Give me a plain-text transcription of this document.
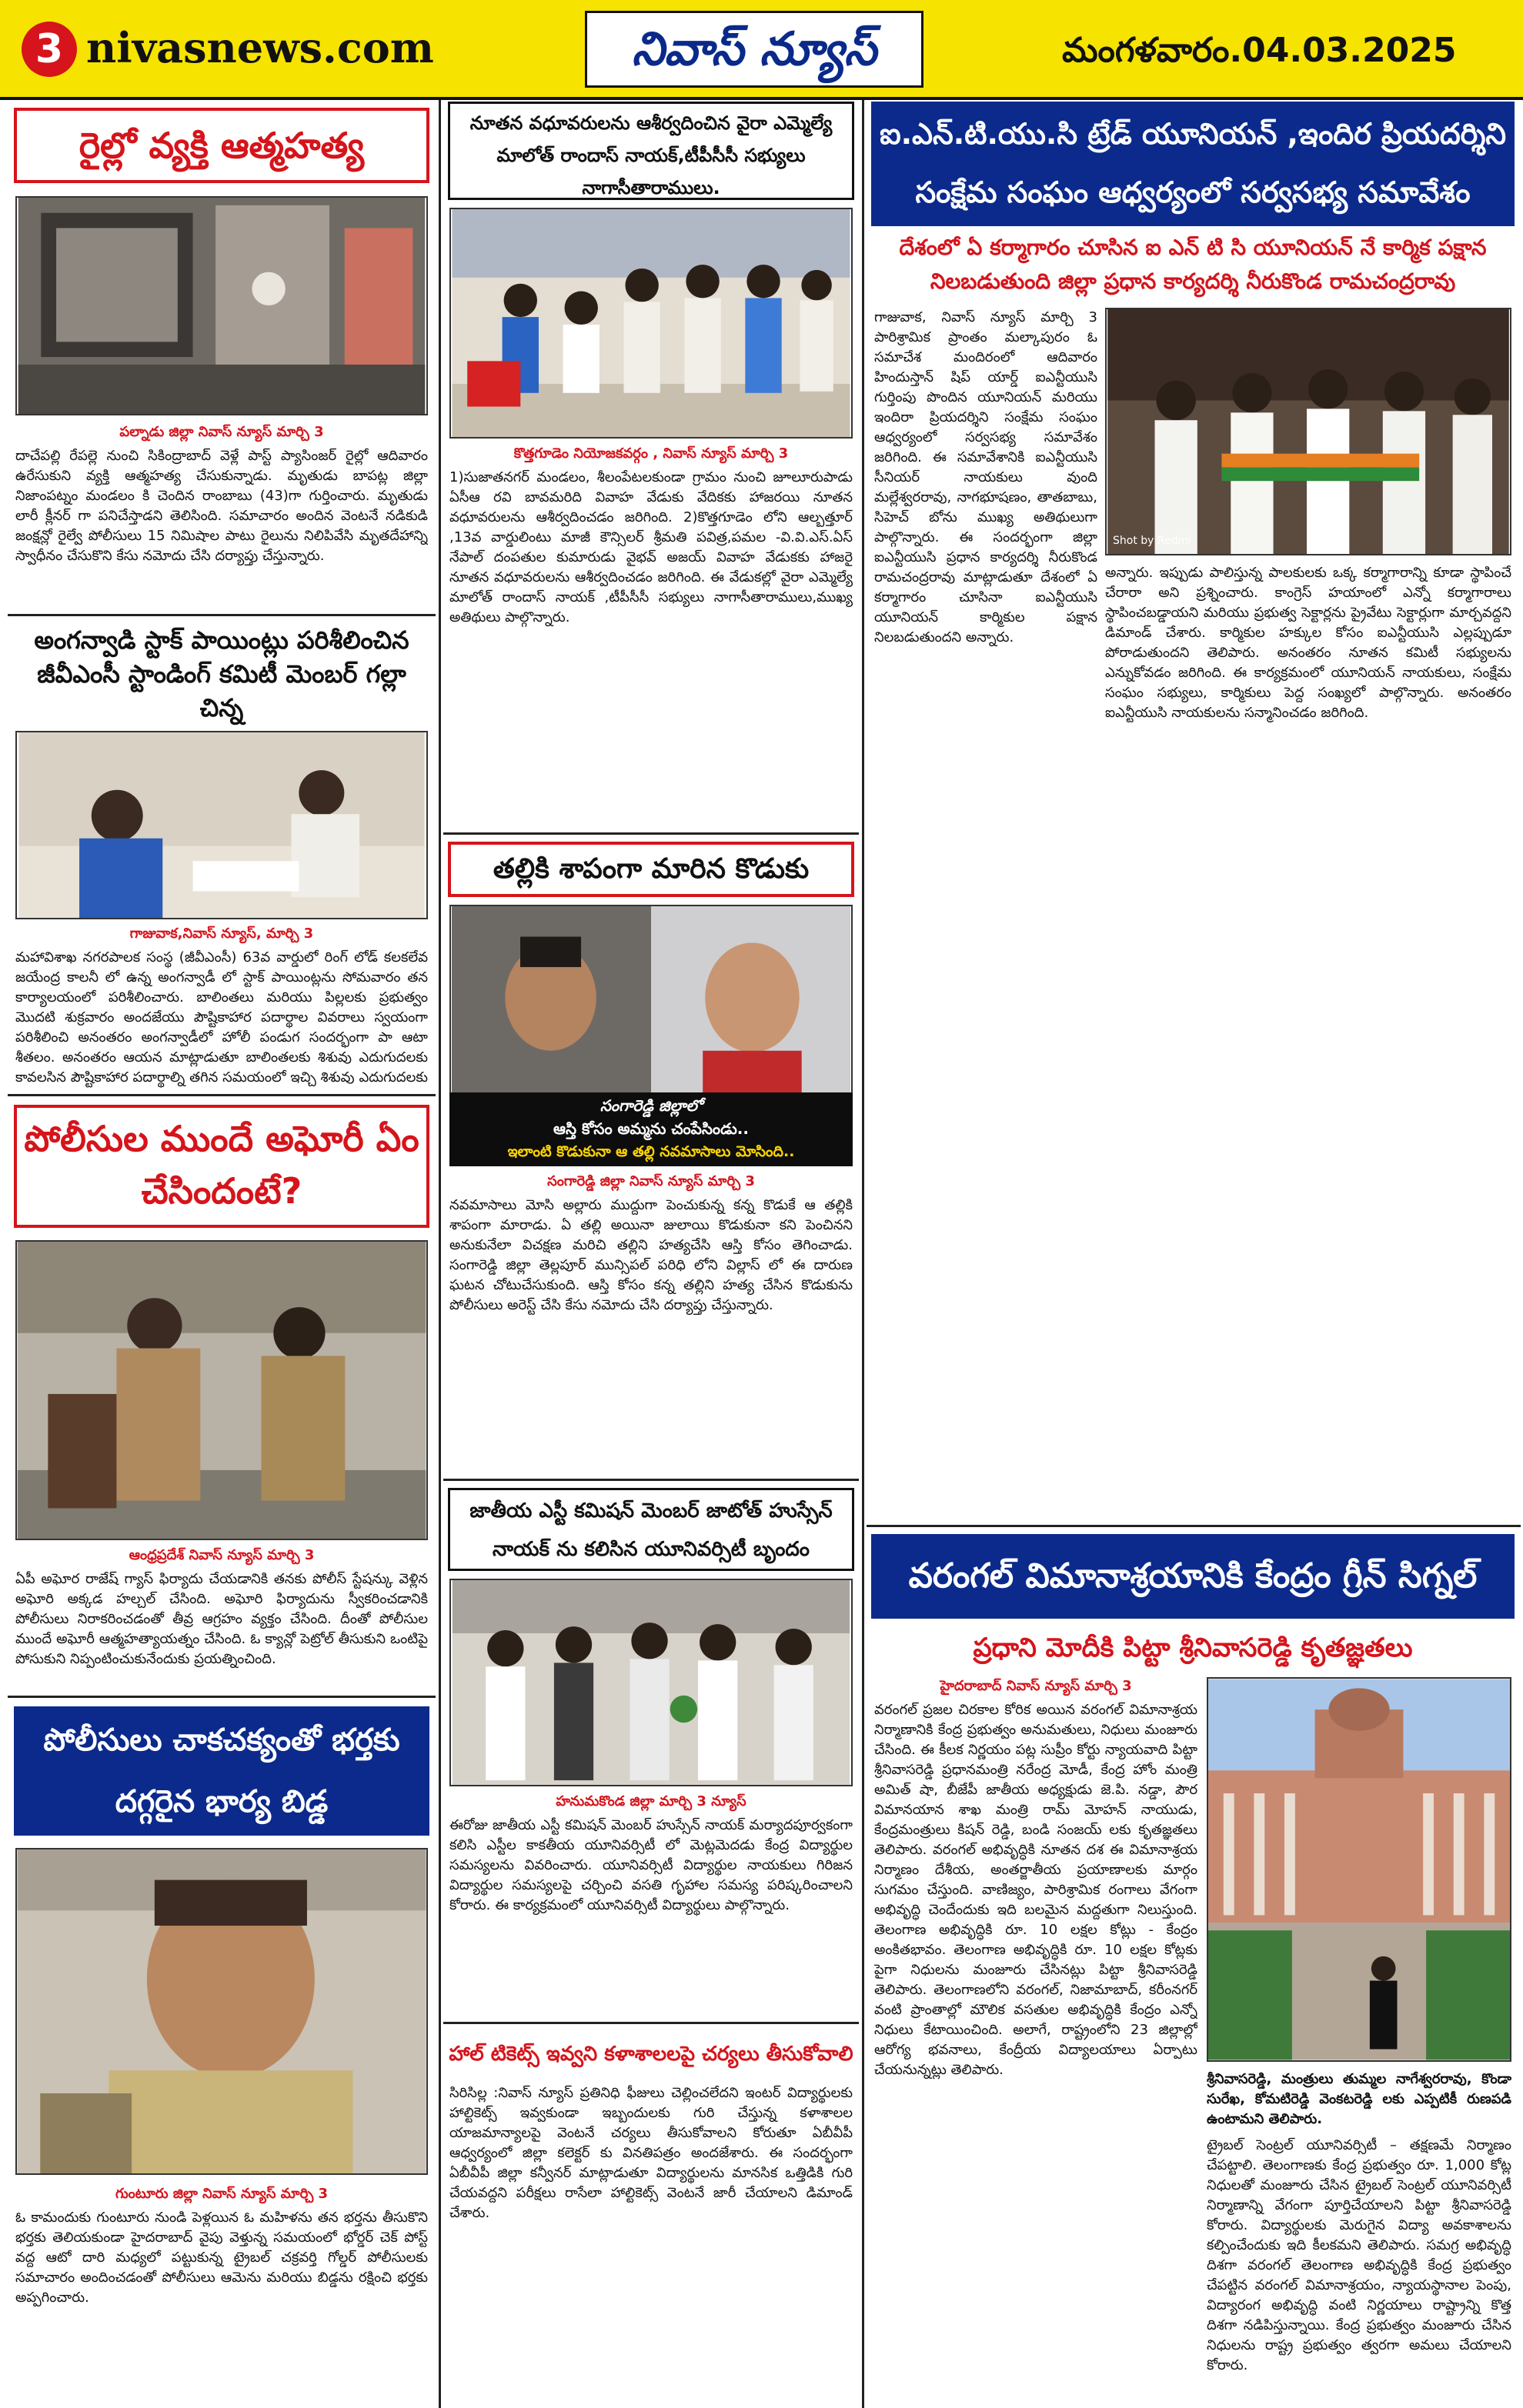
3 nivasnews.com	నివాస్ న్యూస్	మంగళవారం.04.03.2025
రైల్లో వ్యక్తి ఆత్మహత్య
పల్నాడు జిల్లా నివాస్ న్యూస్ మార్చి 3
దాచేపల్లి రేపల్లె నుంచి సికింద్రాబాద్ వెళ్లే పాస్ట్ ప్యాసింజర్ రైల్లో ఆదివారం ఉరేసుకుని వ్యక్తి ఆత్మహత్య చేసుకున్నాడు. మృతుడు బాపట్ల జిల్లా నిజాంపట్నం మండలం కి చెందిన రాంబాబు (43)గా గుర్తించారు. మృతుడు లారీ క్లీనర్ గా పనిచేస్తాడని తెలిసింది. సమాచారం అందిన వెంటనే నడికుడి జంక్షన్లో రైల్వే పోలీసులు 15 నిమిషాల పాటు రైలును నిలిపివేసి మృతదేహాన్ని స్వాధీనం చేసుకొని కేసు నమోదు చేసి దర్యాప్తు చేస్తున్నారు.
అంగన్వాడి స్టాక్ పాయింట్లు పరిశీలించిన జీవీఎంసీ స్టాండింగ్ కమిటీ మెంబర్ గల్లా చిన్న
గాజువాక,నివాస్ న్యూస్, మార్చి 3
మహావిశాఖ నగరపాలక సంస్థ (జీవీఎంసీ) 63వ వార్డులో రింగ్ లోడ్ కలకలేవ జయేంద్ర కాలనీ లో ఉన్న అంగన్వాడీ లో స్టాక్ పాయింట్లను సోమవారం తన కార్యాలయంలో పరిశీలించారు. బాలింతలు మరియు పిల్లలకు ప్రభుత్వం మొదటి శుక్రవారం అందజేయు పౌష్టికాహార పదార్థాల వివరాలు స్వయంగా పరిశీలించి అనంతరం అంగన్వాడీలో హోలీ పండుగ సందర్భంగా పా ఆటా శీతలం. అనంతరం ఆయన మాట్లాడుతూ బాలింతలకు శిశువు ఎదుగుదలకు కావలసిన పౌష్టికాహార పదార్థాల్ని తగిన సమయంలో ఇచ్చి శిశువు ఎదుగుదలకు
పోలీసుల ముందే అఘోరీ ఏం చేసిందంటే?
ఆంధ్రప్రదేశ్ నివాస్ న్యూస్ మార్చి 3
ఏపీ అఘోర రాజేష్ గ్యాస్ ఫిర్యాదు చేయడానికి తనకు పోలీస్ స్టేషన్కు వెళ్లిన అఘోరి అక్కడ హల్చల్ చేసింది. అఘోరి ఫిర్యాదును స్వీకరించడానికి పోలీసులు నిరాకరించడంతో తీవ్ర ఆగ్రహం వ్యక్తం చేసింది. దీంతో పోలీసుల ముందే అఘోరీ ఆత్మహత్యాయత్నం చేసింది. ఓ క్యాన్లో పెట్రోల్ తీసుకుని ఒంటిపై పోసుకుని నిప్పంటించుకునేందుకు ప్రయత్నించింది.
పోలీసులు చాకచక్యంతో భర్తకు దగ్గరైన భార్య బిడ్డ
గుంటూరు జిల్లా నివాస్ న్యూస్ మార్చి 3
ఓ కామందుకు గుంటూరు నుండి పెళ్లయిన ఓ మహిళను తన భర్తను తీసుకొని భర్తకు తెలియకుండా హైదరాబాద్ వైపు వెళ్తున్న సమయంలో భోర్డర్ చెక్ పోస్ట్ వద్ద ఆటో దారి మధ్యలో పట్టుకున్న ట్రైబల్ చక్రవర్తి గోల్డర్ పోలీసులకు సమాచారం అందించడంతో పోలీసులు ఆమెను మరియు బిడ్డను రక్షించి భర్తకు అప్పగించారు.
నూతన వధూవరులను ఆశీర్వదించిన వైరా ఎమ్మెల్యే మాలోత్ రాందాస్ నాయక్,టీపీసీసీ సభ్యులు నాగాసీతారాములు.
కొత్తగూడెం నియోజకవర్గం , నివాస్ న్యూస్ మార్చి 3
1)సుజాతనగర్ మండలం, శీలంపేటలకుండా గ్రామం నుంచి జూలూరుపాడు ఏసీఆ రవి బావమరిది వివాహ వేడుకు వేదికకు హాజరయి నూతన వధూవరులను ఆశీర్వదించడం జరిగింది. 2)కొత్తగూడెం లోని ఆల్బత్తూర్ ,13వ వార్డులింటు మాజీ కౌన్సిలర్ శ్రీమతి పవిత్ర,పమల -వి.వి.ఎస్.ఏస్ నేపాల్ దంపతుల కుమారుడు వైభవ్ అజయ్ వివాహ వేడుకకు హాజరై నూతన వధూవరులను ఆశీర్వదించడం జరిగింది. ఈ వేడుకల్లో వైరా ఎమ్మెల్యే మాలోత్ రాందాస్ నాయక్ ,టీపీసీసీ సభ్యులు నాగాసీతారాములు,ముఖ్య అతిథులు పాల్గొన్నారు.
తల్లికి శాపంగా మారిన కొడుకు
సంగారెడ్డి జిల్లాలో
ఆస్తి కోసం అమ్మను చంపేసిండు..
ఇలాంటి కొడుకునా ఆ తల్లి నవమాసాలు మోసింది..
సంగారెడ్డి జిల్లా నివాస్ న్యూస్ మార్చి 3
నవమాసాలు మోసి అల్లారు ముద్దుగా పెంచుకున్న కన్న కొడుకే ఆ తల్లికి శాపంగా మారాడు. ఏ తల్లి అయినా జులాయి కొడుకునా కని పెంచినని అనుకునేలా విచక్షణ మరిచి తల్లిని హత్యచేసి ఆస్తి కోసం తెగించాడు. సంగారెడ్డి జిల్లా తెల్లపూర్ మున్సిపల్ పరిధి లోని విల్లాస్ లో ఈ దారుణ ఘటన చోటుచేసుకుంది. ఆస్తి కోసం కన్న తల్లిని హత్య చేసిన కొడుకును పోలీసులు అరెస్ట్ చేసి కేసు నమోదు చేసి దర్యాప్తు చేస్తున్నారు.
జాతీయ ఎస్టీ కమిషన్ మెంబర్ జాటోత్ హుస్సేన్ నాయక్ ను కలిసిన యూనివర్సిటీ బృందం
హనుమకొండ జిల్లా మార్చి 3 న్యూస్
ఈరోజు జాతీయ ఎస్టీ కమిషన్ మెంబర్ హుస్సేన్ నాయక్ మర్యాదపూర్వకంగా కలిసి ఎస్టీల కాకతీయ యూనివర్సిటీ లో మెట్లమెదడు కేంద్ర విద్యార్థుల సమస్యలను వివరించారు. యూనివర్సిటీ విద్యార్థుల నాయకులు గిరిజన విద్యార్థుల సమస్యలపై చర్చించి వసతి గృహాల సమస్య పరిష్కరించాలని కోరారు. ఈ కార్యక్రమంలో యూనివర్సిటీ విద్యార్థులు పాల్గొన్నారు.
హాల్ టికెట్స్ ఇవ్వని కళాశాలలపై చర్యలు తీసుకోవాలి
సిరిసిల్ల :నివాస్ న్యూస్ ప్రతినిధి ఫీజులు చెల్లించలేదని ఇంటర్ విద్యార్థులకు హాల్టికెట్స్ ఇవ్వకుండా ఇబ్బందులకు గురి చేస్తున్న కళాశాలల యాజమాన్యాలపై వెంటనే చర్యలు తీసుకోవాలని కోరుతూ ఏబీవీపీ ఆధ్వర్యంలో జిల్లా కలెక్టర్ కు వినతిపత్రం అందజేశారు. ఈ సందర్భంగా ఏబీవీపీ జిల్లా కన్వీనర్ మాట్లాడుతూ విద్యార్థులను మానసిక ఒత్తిడికి గురి చేయవద్దని పరీక్షలు రాసేలా హాల్టికెట్స్ వెంటనే జారీ చేయాలని డిమాండ్ చేశారు.
ఐ.ఎన్.టి.యు.సి ట్రేడ్ యూనియన్ ,ఇందిర ప్రియదర్శిని సంక్షేమ సంఘం ఆధ్వర్యంలో సర్వసభ్య సమావేశం
దేశంలో ఏ కర్మాగారం చూసిన ఐ ఎన్ టి సి యూనియన్ నే కార్మిక పక్షాన నిలబడుతుంది జిల్లా ప్రధాన కార్యదర్శి నీరుకొండ రామచంద్రరావు
గాజువాక, నివాస్ న్యూస్ మార్చి 3 పారిశ్రామిక ప్రాంతం మల్కాపురం ఓ సమాచేశ మందిరంలో ఆదివారం హిందుస్తాన్ షిప్ యార్డ్ ఐఎన్టీయుసి గుర్తింపు పొందిన యూనియన్ మరియు ఇందిరా ప్రియదర్శిని సంక్షేమ సంఘం ఆధ్వర్యంలో సర్వసభ్య సమావేశం జరిగింది. ఈ సమావేశానికి ఐఎన్టీయుసి సీనియర్ నాయకులు వుంది మల్లేశ్వరరావు, నాగభూషణం, తాతబాబు, సిహెచ్ బోను ముఖ్య అతిథులుగా పాల్గొన్నారు. ఈ సందర్భంగా జిల్లా ఐఎన్టీయుసి ప్రధాన కార్యదర్శి నీరుకొండ రామచంద్రరావు మాట్లాడుతూ దేశంలో ఏ కర్మాగారం చూసినా ఐఎన్టీయుసి యూనియన్ కార్మికుల పక్షాన నిలబడుతుందని అన్నారు.
Shot by Redmi
అన్నారు. ఇప్పుడు పాలిస్తున్న పాలకులకు ఒక్క కర్మాగారాన్ని కూడా స్థాపించే చేరారా అని ప్రశ్నించారు. కాంగ్రెస్ హయాంలో ఎన్నో కర్మాగారాలు స్థాపించబడ్డాయని మరియు ప్రభుత్వ సెక్టార్లను ప్రైవేటు సెక్టార్లుగా మార్చవద్దని డిమాండ్ చేశారు. కార్మికుల హక్కుల కోసం ఐఎన్టీయుసి ఎల్లప్పుడూ పోరాడుతుందని తెలిపారు. అనంతరం నూతన కమిటీ సభ్యులను ఎన్నుకోవడం జరిగింది. ఈ కార్యక్రమంలో యూనియన్ నాయకులు, సంక్షేమ సంఘం సభ్యులు, కార్మికులు పెద్ద సంఖ్యలో పాల్గొన్నారు. అనంతరం ఐఎన్టీయుసి నాయకులను సన్మానించడం జరిగింది.
వరంగల్ విమానాశ్రయానికి కేంద్రం గ్రీన్ సిగ్నల్
ప్రధాని మోదీకి పిట్టా శ్రీనివాసరెడ్డి కృతజ్ఞతలు
హైదరాబాద్ నివాస్ న్యూస్ మార్చి 3
వరంగల్ ప్రజల చిరకాల కోరిక అయిన వరంగల్ విమానాశ్రయ నిర్మాణానికి కేంద్ర ప్రభుత్వం అనుమతులు, నిధులు మంజూరు చేసింది. ఈ కీలక నిర్ణయం పట్ల సుప్రీం కోర్టు న్యాయవాది పిట్టా శ్రీనివాసరెడ్డి ప్రధానమంత్రి నరేంద్ర మోడీ, కేంద్ర హోం మంత్రి అమిత్ షా, బీజేపీ జాతీయ అధ్యక్షుడు జె.పి. నడ్డా, పౌర విమానయాన శాఖ మంత్రి రామ్ మోహన్ నాయుడు, కేంద్రమంత్రులు కిషన్ రెడ్డి, బండి సంజయ్ లకు కృతజ్ఞతలు తెలిపారు. వరంగల్ అభివృద్ధికి నూతన దశ ఈ విమానాశ్రయ నిర్మాణం దేశీయ, అంతర్జాతీయ ప్రయాణాలకు మార్గం సుగమం చేస్తుంది. వాణిజ్యం, పారిశ్రామిక రంగాలు వేగంగా అభివృద్ధి చెందేందుకు ఇది బలమైన మద్దతుగా నిలుస్తుంది. తెలంగాణ అభివృద్ధికి రూ. 10 లక్షల కోట్లు - కేంద్రం అంకితభావం. తెలంగాణ అభివృద్ధికి రూ. 10 లక్షల కోట్లకు పైగా నిధులను మంజూరు చేసినట్లు పిట్టా శ్రీనివాసరెడ్డి తెలిపారు. తెలంగాణలోని వరంగల్, నిజామాబాద్, కరీంనగర్ వంటి ప్రాంతాల్లో మౌలిక వసతుల అభివృద్ధికి కేంద్రం ఎన్నో నిధులు కేటాయించింది. అలాగే, రాష్ట్రంలోని 23 జిల్లాల్లో ఆరోగ్య భవనాలు, కేంద్రీయ విద్యాలయాలు ఏర్పాటు చేయనున్నట్లు తెలిపారు.
శ్రీనివాసరెడ్డి, మంత్రులు తుమ్మల నాగేశ్వరరావు, కొండా సురేఖ, కోమటిరెడ్డి వెంకటరెడ్డి లకు ఎప్పటికీ రుణపడి ఉంటామని తెలిపారు.
ట్రైబల్ సెంట్రల్ యూనివర్సిటీ – తక్షణమే నిర్మాణం చేపట్టాలి. తెలంగాణకు కేంద్ర ప్రభుత్వం రూ. 1,000 కోట్ల నిధులతో మంజూరు చేసిన ట్రైబల్ సెంట్రల్ యూనివర్సిటీ నిర్మాణాన్ని వేగంగా పూర్తిచేయాలని పిట్టా శ్రీనివాసరెడ్డి కోరారు. విద్యార్థులకు మెరుగైన విద్యా అవకాశాలను కల్పించేందుకు ఇది కీలకమని తెలిపారు. సమగ్ర అభివృద్ధి దిశగా వరంగల్ తెలంగాణ అభివృద్ధికి కేంద్ర ప్రభుత్వం చేపట్టిన వరంగల్ విమానాశ్రయం, న్యాయస్థానాల పెంపు, విద్యారంగ అభివృద్ధి వంటి నిర్ణయాలు రాష్ట్రాన్ని కొత్త దిశగా నడిపిస్తున్నాయి. కేంద్ర ప్రభుత్వం మంజూరు చేసిన నిధులను రాష్ట్ర ప్రభుత్వం త్వరగా అమలు చేయాలని కోరారు.
